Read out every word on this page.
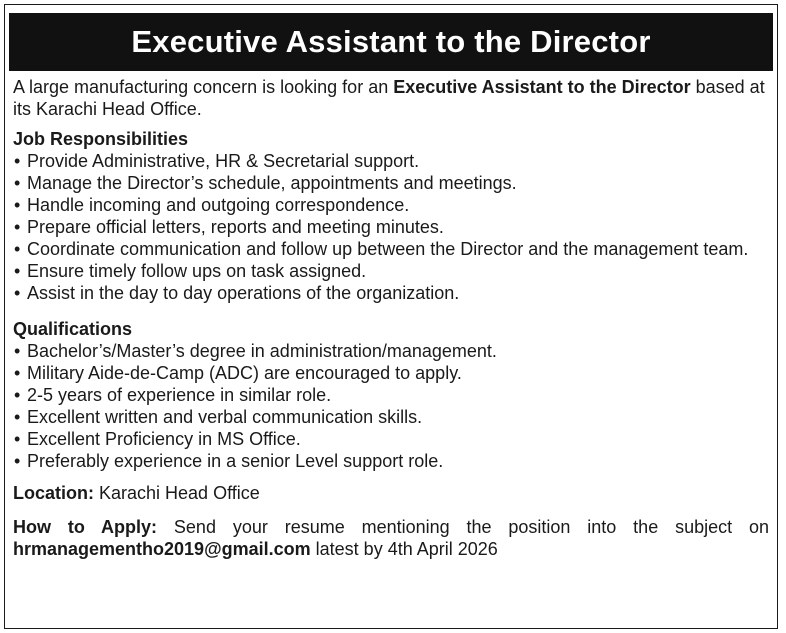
Executive Assistant to the Director

A large manufacturing concern is looking for an Executive Assistant to the Director based at its Karachi Head Office.

Job Responsibilities
• Provide Administrative, HR & Secretarial support.
• Manage the Director’s schedule, appointments and meetings.
• Handle incoming and outgoing correspondence.
• Prepare official letters, reports and meeting minutes.
• Coordinate communication and follow up between the Director and the management team.
• Ensure timely follow ups on task assigned.
• Assist in the day to day operations of the organization.
Qualifications
• Bachelor’s/Master’s degree in administration/management.
• Military Aide-de-Camp (ADC) are encouraged to apply.
• 2-5 years of experience in similar role.
• Excellent written and verbal communication skills.
• Excellent Proficiency in MS Office.
• Preferably experience in a senior Level support role.

Location: Karachi Head Office

How to Apply: Send your resume mentioning the position into the subject on hrmanagementho2019@gmail.com latest by 4th April 2026
